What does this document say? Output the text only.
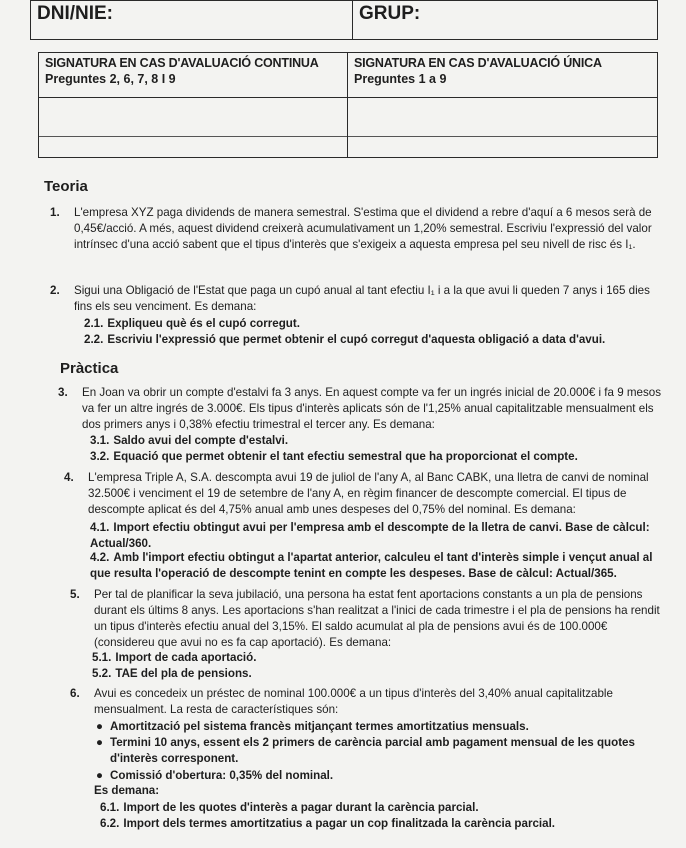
DNI/NIE:	GRUP:
SIGNATURA EN CAS D'AVALUACIÓ CONTINUA
Preguntes 2, 6, 7, 8 I 9
SIGNATURA EN CAS D'AVALUACIÓ ÚNICA
Preguntes 1 a 9
Teoria
1. L'empresa XYZ paga dividends de manera semestral. S'estima que el dividend a rebre d'aquí a 6 mesos serà de 0,45€/acció. A més, aquest dividend creixerà acumulativament un 1,20% semestral. Escriviu l'expressió del valor intrínsec d'una acció sabent que el tipus d'interès que s'exigeix a aquesta empresa pel seu nivell de risc és I₁.
2. Sigui una Obligació de l'Estat que paga un cupó anual al tant efectiu I₁ i a la que avui li queden 7 anys i 165 dies fins els seu venciment. Es demana:
2.1. Expliqueu què és el cupó corregut.
2.2. Escriviu l'expressió que permet obtenir el cupó corregut d'aquesta obligació a data d'avui.
Pràctica
3. En Joan va obrir un compte d'estalvi fa 3 anys. En aquest compte va fer un ingrés inicial de 20.000€ i fa 9 mesos va fer un altre ingrés de 3.000€. Els tipus d'interès aplicats són de l'1,25% anual capitalitzable mensualment els dos primers anys i 0,38% efectiu trimestral el tercer any. Es demana:
3.1. Saldo avui del compte d'estalvi.
3.2. Equació que permet obtenir el tant efectiu semestral que ha proporcionat el compte.
4. L'empresa Triple A, S.A. descompta avui 19 de juliol de l'any A, al Banc CABK, una lletra de canvi de nominal 32.500€ i venciment el 19 de setembre de l'any A, en règim financer de descompte comercial. El tipus de descompte aplicat és del 4,75% anual amb unes despeses del 0,75% del nominal. Es demana:
4.1. Import efectiu obtingut avui per l'empresa amb el descompte de la lletra de canvi. Base de càlcul: Actual/360.
4.2. Amb l'import efectiu obtingut a l'apartat anterior, calculeu el tant d'interès simple i vençut anual al que resulta l'operació de descompte tenint en compte les despeses. Base de càlcul: Actual/365.
5. Per tal de planificar la seva jubilació, una persona ha estat fent aportacions constants a un pla de pensions durant els últims 8 anys. Les aportacions s'han realitzat a l'inici de cada trimestre i el pla de pensions ha rendit un tipus d'interès efectiu anual del 3,15%. El saldo acumulat al pla de pensions avui és de 100.000€ (considereu que avui no es fa cap aportació). Es demana:
5.1. Import de cada aportació.
5.2. TAE del pla de pensions.
6. Avui es concedeix un préstec de nominal 100.000€ a un tipus d'interès del 3,40% anual capitalitzable mensualment. La resta de característiques són:
● Amortització pel sistema francès mitjançant termes amortitzatius mensuals.
● Termini 10 anys, essent els 2 primers de carència parcial amb pagament mensual de les quotes d'interès corresponent.
● Comissió d'obertura: 0,35% del nominal.
Es demana:
6.1. Import de les quotes d'interès a pagar durant la carència parcial.
6.2. Import dels termes amortitzatius a pagar un cop finalitzada la carència parcial.
